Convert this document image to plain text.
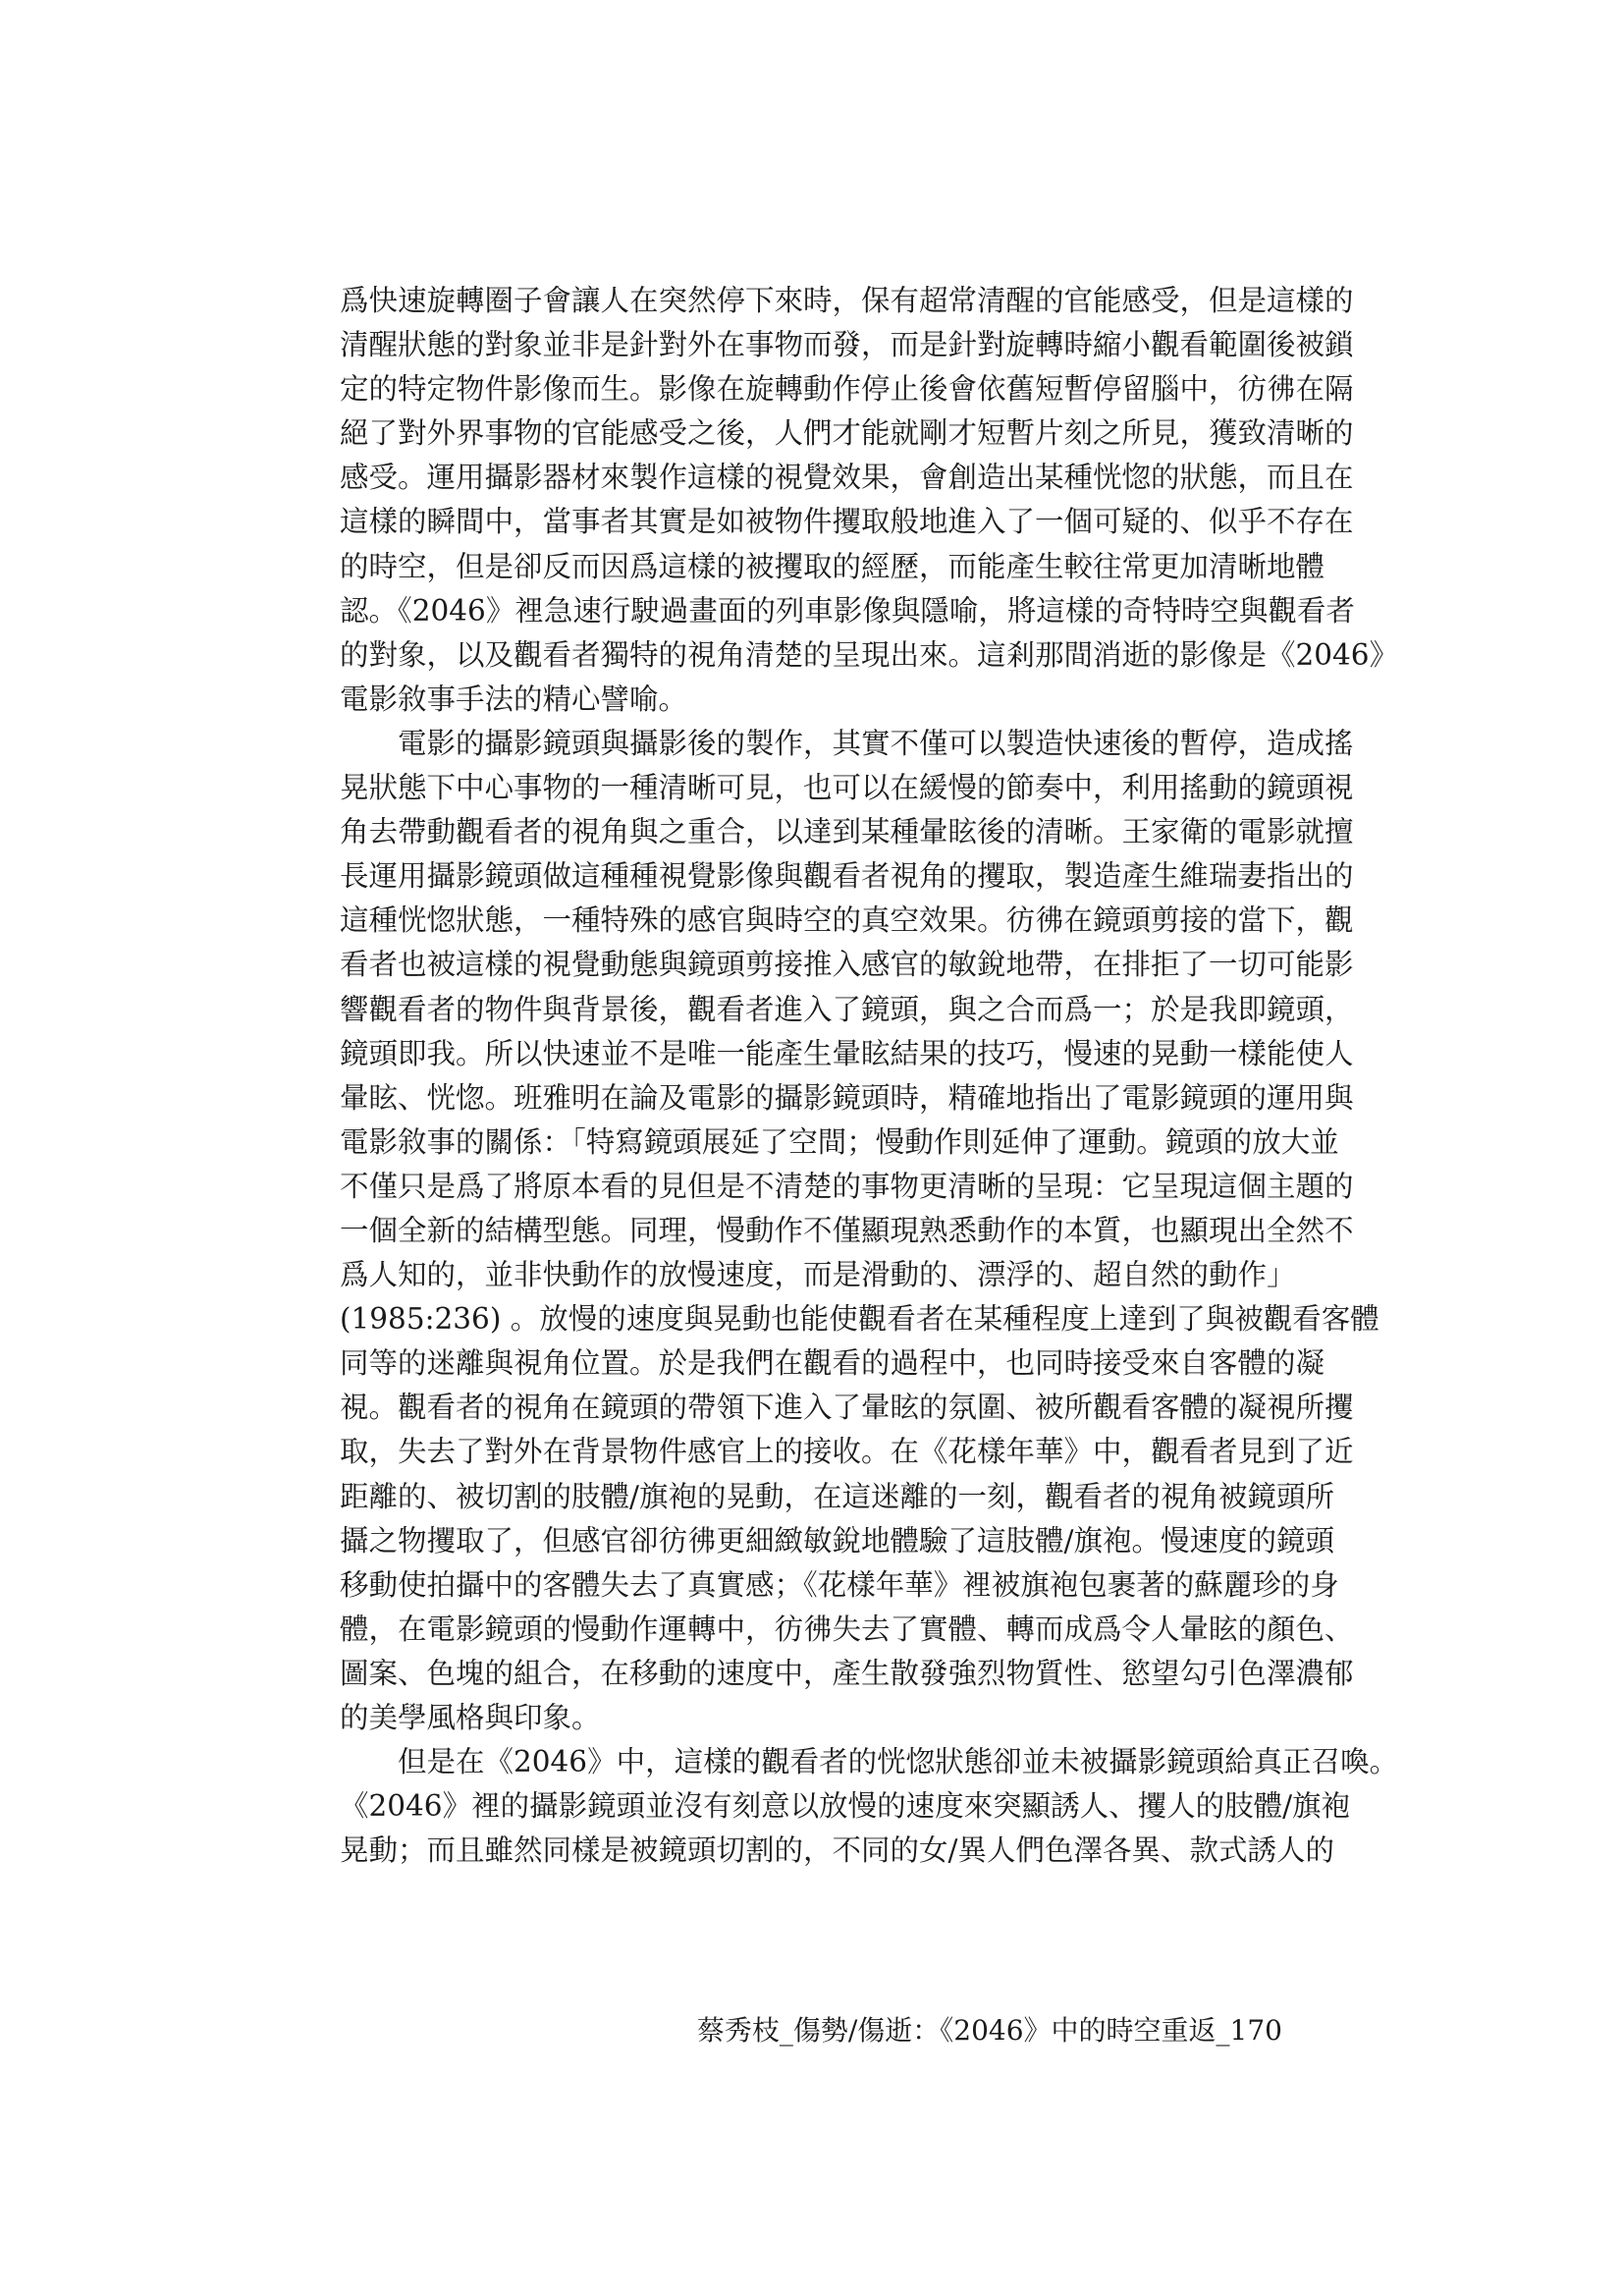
爲快速旋轉圈子會讓人在突然停下來時，保有超常清醒的官能感受，但是這樣的
清醒狀態的對象並非是針對外在事物而發，而是針對旋轉時縮小觀看範圍後被鎖
定的特定物件影像而生。影像在旋轉動作停止後會依舊短暫停留腦中，彷彿在隔
絕了對外界事物的官能感受之後，人們才能就剛才短暫片刻之所見，獲致清晰的
感受。運用攝影器材來製作這樣的視覺效果，會創造出某種恍惚的狀態，而且在
這樣的瞬間中，當事者其實是如被物件攫取般地進入了一個可疑的、似乎不存在
的時空，但是卻反而因爲這樣的被攫取的經歷，而能產生較往常更加清晰地體
認。《2046》裡急速行駛過畫面的列車影像與隱喻，將這樣的奇特時空與觀看者
的對象，以及觀看者獨特的視角清楚的呈現出來。這剎那間消逝的影像是《2046》
電影敘事手法的精心譬喻。
　　電影的攝影鏡頭與攝影後的製作，其實不僅可以製造快速後的暫停，造成搖
晃狀態下中心事物的一種清晰可見，也可以在緩慢的節奏中，利用搖動的鏡頭視
角去帶動觀看者的視角與之重合，以達到某種暈眩後的清晰。王家衛的電影就擅
長運用攝影鏡頭做這種種視覺影像與觀看者視角的攫取，製造產生維瑞妻指出的
這種恍惚狀態，一種特殊的感官與時空的真空效果。彷彿在鏡頭剪接的當下，觀
看者也被這樣的視覺動態與鏡頭剪接推入感官的敏銳地帶，在排拒了一切可能影
響觀看者的物件與背景後，觀看者進入了鏡頭，與之合而爲一；於是我即鏡頭，
鏡頭即我。所以快速並不是唯一能產生暈眩結果的技巧，慢速的晃動一樣能使人
暈眩、恍惚。班雅明在論及電影的攝影鏡頭時，精確地指出了電影鏡頭的運用與
電影敘事的關係：「特寫鏡頭展延了空間；慢動作則延伸了運動。鏡頭的放大並
不僅只是爲了將原本看的見但是不清楚的事物更清晰的呈現：它呈現這個主題的
一個全新的結構型態。同理，慢動作不僅顯現熟悉動作的本質，也顯現出全然不
爲人知的，並非快動作的放慢速度，而是滑動的、漂浮的、超自然的動作」
(1985:236) 。放慢的速度與晃動也能使觀看者在某種程度上達到了與被觀看客體
同等的迷離與視角位置。於是我們在觀看的過程中，也同時接受來自客體的凝
視。觀看者的視角在鏡頭的帶領下進入了暈眩的氛圍、被所觀看客體的凝視所攫
取，失去了對外在背景物件感官上的接收。在《花樣年華》中，觀看者見到了近
距離的、被切割的肢體/旗袍的晃動，在這迷離的一刻，觀看者的視角被鏡頭所
攝之物攫取了，但感官卻彷彿更細緻敏銳地體驗了這肢體/旗袍。慢速度的鏡頭
移動使拍攝中的客體失去了真實感；《花樣年華》裡被旗袍包裹著的蘇麗珍的身
體，在電影鏡頭的慢動作運轉中，彷彿失去了實體、轉而成爲令人暈眩的顏色、
圖案、色塊的組合，在移動的速度中，產生散發強烈物質性、慾望勾引色澤濃郁
的美學風格與印象。
　　但是在《2046》中，這樣的觀看者的恍惚狀態卻並未被攝影鏡頭給真正召喚。
《2046》裡的攝影鏡頭並沒有刻意以放慢的速度來突顯誘人、攫人的肢體/旗袍
晃動；而且雖然同樣是被鏡頭切割的，不同的女/異人們色澤各異、款式誘人的
蔡秀枝_傷勢/傷逝：《2046》中的時空重返_170
